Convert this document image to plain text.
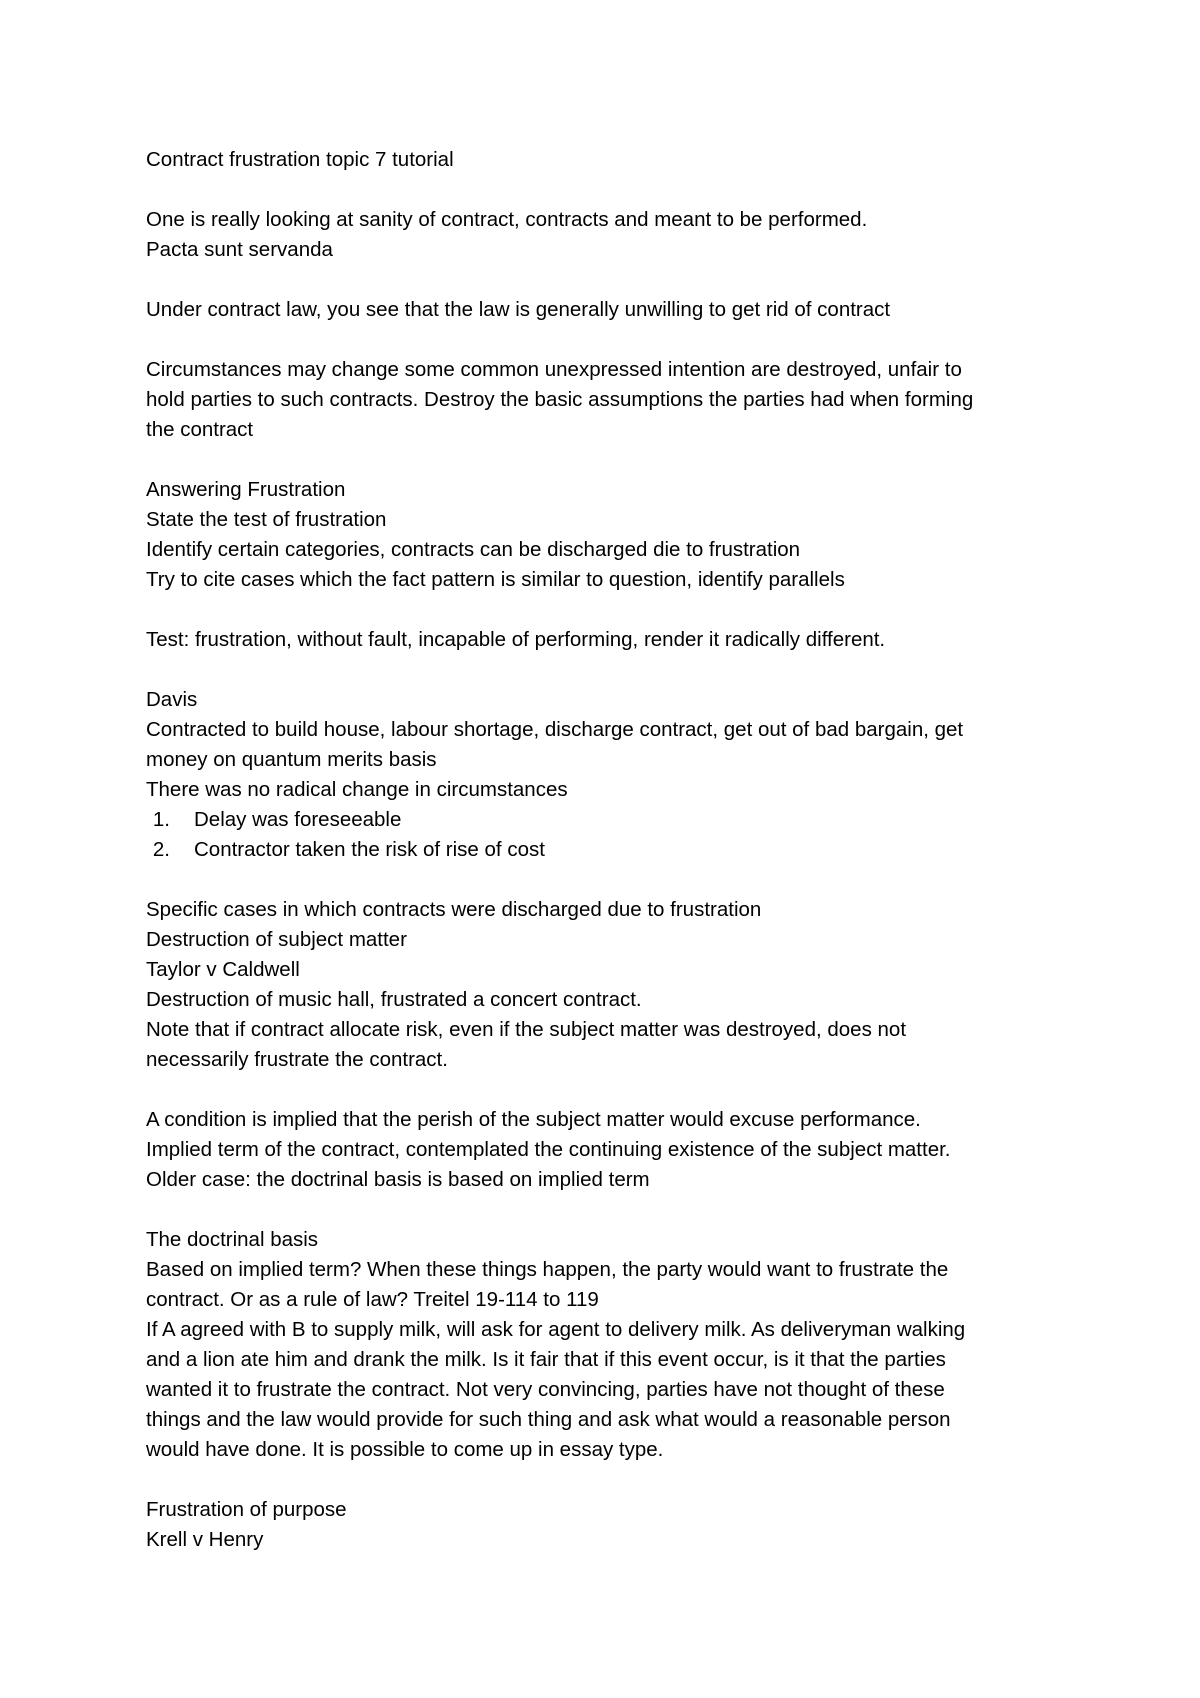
Contract frustration topic 7 tutorial
One is really looking at sanity of contract, contracts and meant to be performed.
Pacta sunt servanda
Under contract law, you see that the law is generally unwilling to get rid of contract
Circumstances may change some common unexpressed intention are destroyed, unfair to
hold parties to such contracts. Destroy the basic assumptions the parties had when forming
the contract
Answering Frustration
State the test of frustration
Identify certain categories, contracts can be discharged die to frustration
Try to cite cases which the fact pattern is similar to question, identify parallels
Test: frustration, without fault, incapable of performing, render it radically different.
Davis
Contracted to build house, labour shortage, discharge contract, get out of bad bargain, get
money on quantum merits basis
There was no radical change in circumstances
1. Delay was foreseeable
2. Contractor taken the risk of rise of cost
Specific cases in which contracts were discharged due to frustration
Destruction of subject matter
Taylor v Caldwell
Destruction of music hall, frustrated a concert contract.
Note that if contract allocate risk, even if the subject matter was destroyed, does not
necessarily frustrate the contract.
A condition is implied that the perish of the subject matter would excuse performance.
Implied term of the contract, contemplated the continuing existence of the subject matter.
Older case: the doctrinal basis is based on implied term
The doctrinal basis
Based on implied term? When these things happen, the party would want to frustrate the
contract. Or as a rule of law? Treitel 19-114 to 119
If A agreed with B to supply milk, will ask for agent to delivery milk. As deliveryman walking
and a lion ate him and drank the milk. Is it fair that if this event occur, is it that the parties
wanted it to frustrate the contract. Not very convincing, parties have not thought of these
things and the law would provide for such thing and ask what would a reasonable person
would have done. It is possible to come up in essay type.
Frustration of purpose
Krell v Henry
